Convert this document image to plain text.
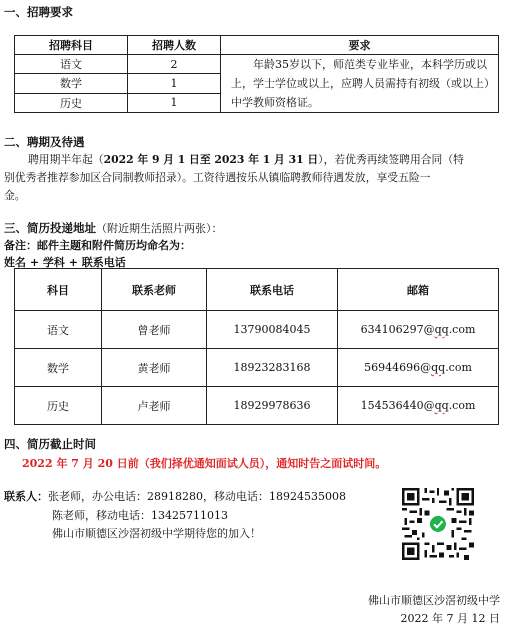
一、招聘要求
招聘科目	招聘人数	要求
语文	2	年龄35岁以下，师范类专业毕业，本科学历或以上，学士学位或以上，应聘人员需持有初级（或以上）中学教师资格证。
数学	1	
历史	1	
二、聘期及待遇
聘用期半年起（2022 年 9 月 1 日至 2023 年 1 月 31 日），若优秀再续签聘用合同（特
别优秀者推荐参加区合同制教师招录）。工资待遇按乐从镇临聘教师待遇发放，享受五险一
金。
三、简历投递地址（附近期生活照片两张）：
备注：邮件主题和附件简历均命名为：
姓名 + 学科 + 联系电话
科目	联系老师	联系电话	邮箱
语文	曾老师	13790084045	634106297@qq.com
数学	黄老师	18923283168	56944696@qq.com
历史	卢老师	18929978636	154536440@qq.com
四、简历截止时间
2022 年 7 月 20 日前（我们择优通知面试人员），通知时告之面试时间。
联系人：张老师，办公电话：28918280，移动电话：18924535008
陈老师，移动电话：13425711013
佛山市顺德区沙滘初级中学期待您的加入！
佛山市顺德区沙滘初级中学
2022 年 7 月 12 日
